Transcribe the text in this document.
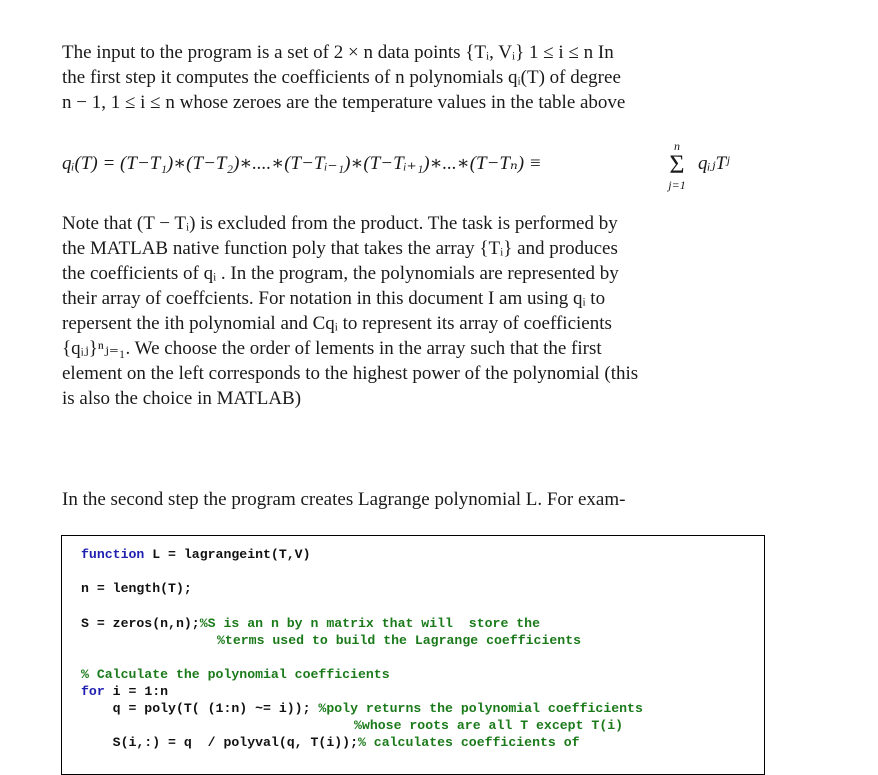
The input to the program is a set of 2 × n data points {Tᵢ, Vᵢ} 1 ≤ i ≤ n In
the first step it computes the coefficients of n polynomials qᵢ(T) of degree
n − 1, 1 ≤ i ≤ n whose zeroes are the temperature values in the table above
qᵢ(T) = (T−T₁)∗(T−T₂)∗....∗(T−Tᵢ₋₁)∗(T−Tᵢ₊₁)∗...∗(T−Tₙ) ≡
n
Σ
j=1
qᵢⱼTʲ
Note that (T − Tᵢ) is excluded from the product. The task is performed by
the MATLAB native function poly that takes the array {Tᵢ} and produces
the coefficients of qᵢ . In the program, the polynomials are represented by
their array of coeffcients. For notation in this document I am using qᵢ to
repersent the ith polynomial and Cqᵢ to represent its array of coefficients
{qᵢⱼ}ⁿⱼ₌₁. We choose the order of lements in the array such that the first
element on the left corresponds to the highest power of the polynomial (this
is also the choice in MATLAB)
In the second step the program creates Lagrange polynomial L. For exam-
function L = lagrangeint(T,V)
n = length(T);
S = zeros(n,n);%S is an n by n matrix that will  store the
%terms used to build the Lagrange coefficients
% Calculate the polynomial coefficients
for i = 1:n
q = poly(T( (1:n) ~= i)); %poly returns the polynomial coefficients
%whose roots are all T except T(i)
S(i,:) = q  / polyval(q, T(i));% calculates coefficients of
